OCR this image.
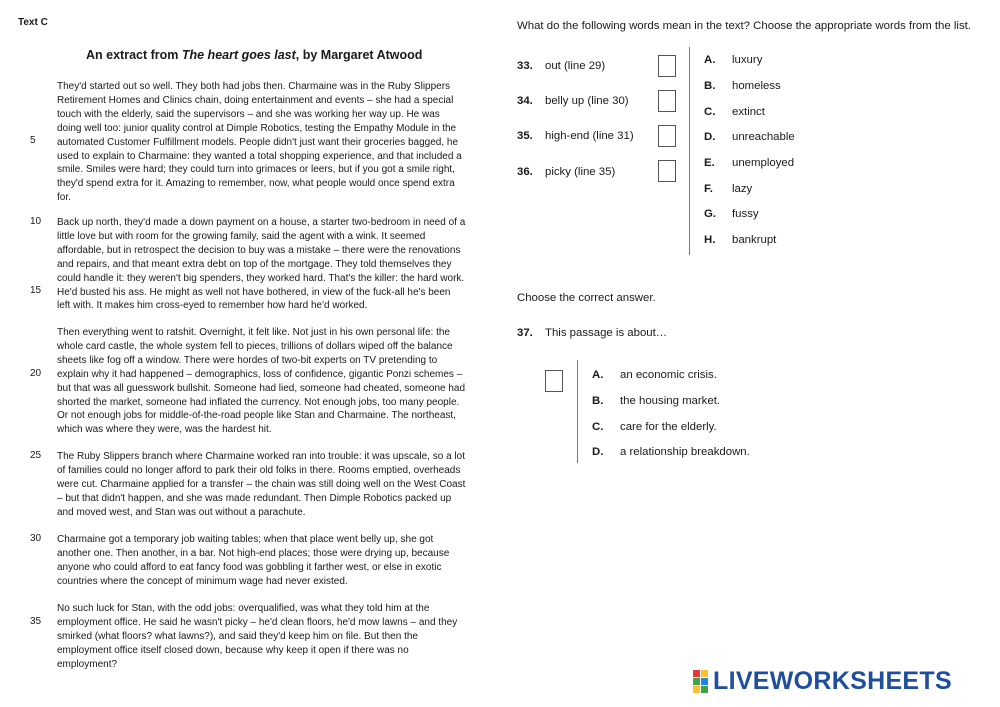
Text C
An extract from The heart goes last, by Margaret Atwood
They'd started out so well. They both had jobs then. Charmaine was in the Ruby Slippers
Retirement Homes and Clinics chain, doing entertainment and events – she had a special
touch with the elderly, said the supervisors – and she was working her way up. He was
doing well too: junior quality control at Dimple Robotics, testing the Empathy Module in the
automated Customer Fulfillment models. People didn't just want their groceries bagged, he
used to explain to Charmaine: they wanted a total shopping experience, and that included a
smile. Smiles were hard; they could turn into grimaces or leers, but if you got a smile right,
they'd spend extra for it. Amazing to remember, now, what people would once spend extra
for.
Back up north, they'd made a down payment on a house, a starter two-bedroom in need of a
little love but with room for the growing family, said the agent with a wink. It seemed
affordable, but in retrospect the decision to buy was a mistake – there were the renovations
and repairs, and that meant extra debt on top of the mortgage. They told themselves they
could handle it: they weren't big spenders, they worked hard. That's the killer: the hard work.
He'd busted his ass. He might as well not have bothered, in view of the fuck-all he's been
left with. It makes him cross-eyed to remember how hard he'd worked.
Then everything went to ratshit. Overnight, it felt like. Not just in his own personal life: the
whole card castle, the whole system fell to pieces, trillions of dollars wiped off the balance
sheets like fog off a window. There were hordes of two-bit experts on TV pretending to
explain why it had happened – demographics, loss of confidence, gigantic Ponzi schemes –
but that was all guesswork bullshit. Someone had lied, someone had cheated, someone had
shorted the market, someone had inflated the currency. Not enough jobs, too many people.
Or not enough jobs for middle-of-the-road people like Stan and Charmaine. The northeast,
which was where they were, was the hardest hit.
The Ruby Slippers branch where Charmaine worked ran into trouble: it was upscale, so a lot
of families could no longer afford to park their old folks in there. Rooms emptied, overheads
were cut. Charmaine applied for a transfer – the chain was still doing well on the West Coast
– but that didn't happen, and she was made redundant. Then Dimple Robotics packed up
and moved west, and Stan was out without a parachute.
Charmaine got a temporary job waiting tables; when that place went belly up, she got
another one. Then another, in a bar. Not high-end places; those were drying up, because
anyone who could afford to eat fancy food was gobbling it farther west, or else in exotic
countries where the concept of minimum wage had never existed.
No such luck for Stan, with the odd jobs: overqualified, was what they told him at the
employment office. He said he wasn't picky – he'd clean floors, he'd mow lawns – and they
smirked (what floors? what lawns?), and said they'd keep him on file. But then the
employment office itself closed down, because why keep it open if there was no
employment?
5
10
15
20
25
30
35
What do the following words mean in the text? Choose the appropriate words from the list.
33. out (line 29)
34. belly up (line 30)
35. high-end (line 31)
36. picky (line 35)
A. luxury
B. homeless
C. extinct
D. unreachable
E. unemployed
F. lazy
G. fussy
H. bankrupt
Choose the correct answer.
37. This passage is about…
A. an economic crisis.
B. the housing market.
C. care for the elderly.
D. a relationship breakdown.

LIVEWORKSHEETS
